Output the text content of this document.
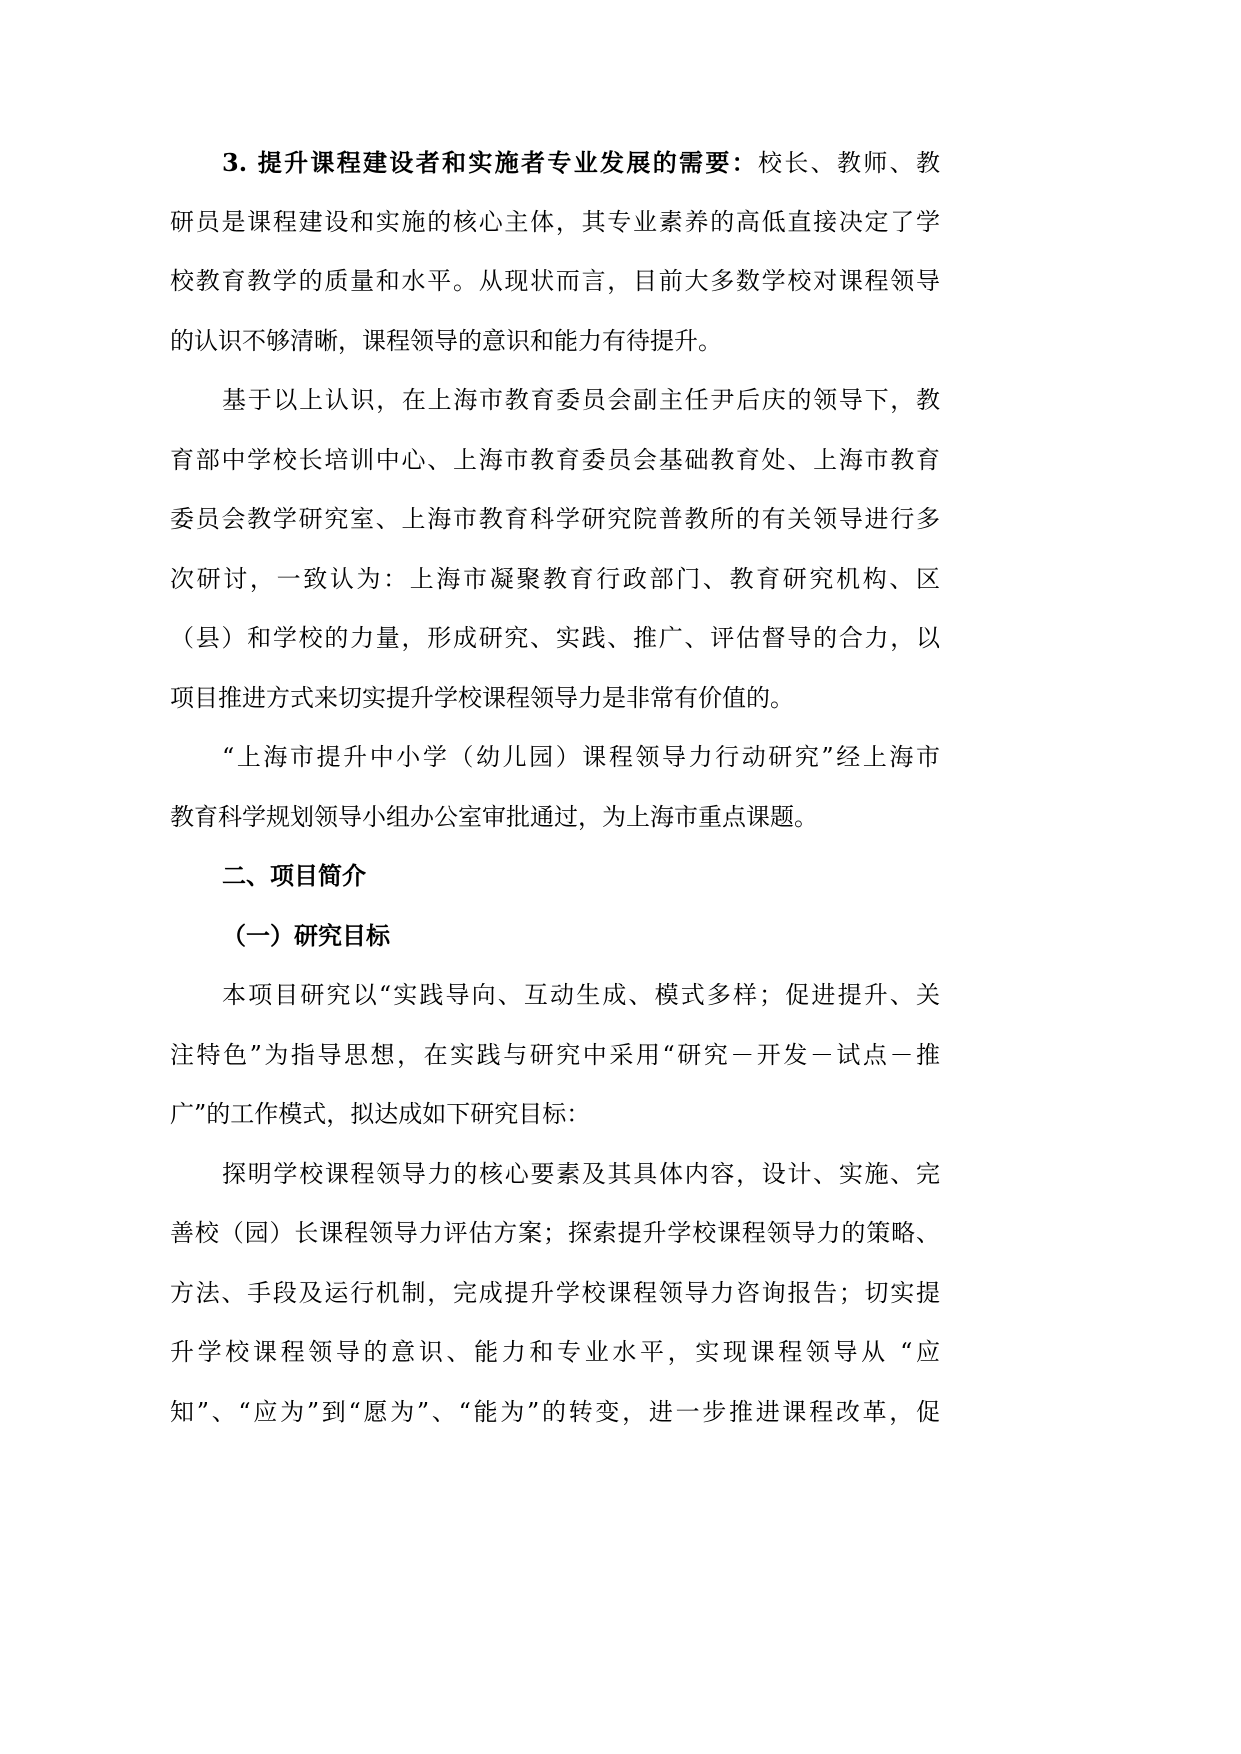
3. 提升课程建设者和实施者专业发展的需要：校长、教师、教
研员是课程建设和实施的核心主体，其专业素养的高低直接决定了学
校教育教学的质量和水平。从现状而言，目前大多数学校对课程领导
的认识不够清晰，课程领导的意识和能力有待提升。
基于以上认识，在上海市教育委员会副主任尹后庆的领导下，教
育部中学校长培训中心、上海市教育委员会基础教育处、上海市教育
委员会教学研究室、上海市教育科学研究院普教所的有关领导进行多
次研讨，一致认为：上海市凝聚教育行政部门、教育研究机构、区
（县）和学校的力量，形成研究、实践、推广、评估督导的合力，以
项目推进方式来切实提升学校课程领导力是非常有价值的。
“上海市提升中小学（幼儿园）课程领导力行动研究”经上海市
教育科学规划领导小组办公室审批通过，为上海市重点课题。
二、项目简介
（一）研究目标
本项目研究以“实践导向、互动生成、模式多样；促进提升、关
注特色”为指导思想，在实践与研究中采用“研究－开发－试点－推
广”的工作模式，拟达成如下研究目标：
探明学校课程领导力的核心要素及其具体内容，设计、实施、完
善校（园）长课程领导力评估方案；探索提升学校课程领导力的策略、
方法、手段及运行机制，完成提升学校课程领导力咨询报告；切实提
升学校课程领导的意识、能力和专业水平，实现课程领导从 “应
知”、“应为”到“愿为”、“能为”的转变，进一步推进课程改革，促
